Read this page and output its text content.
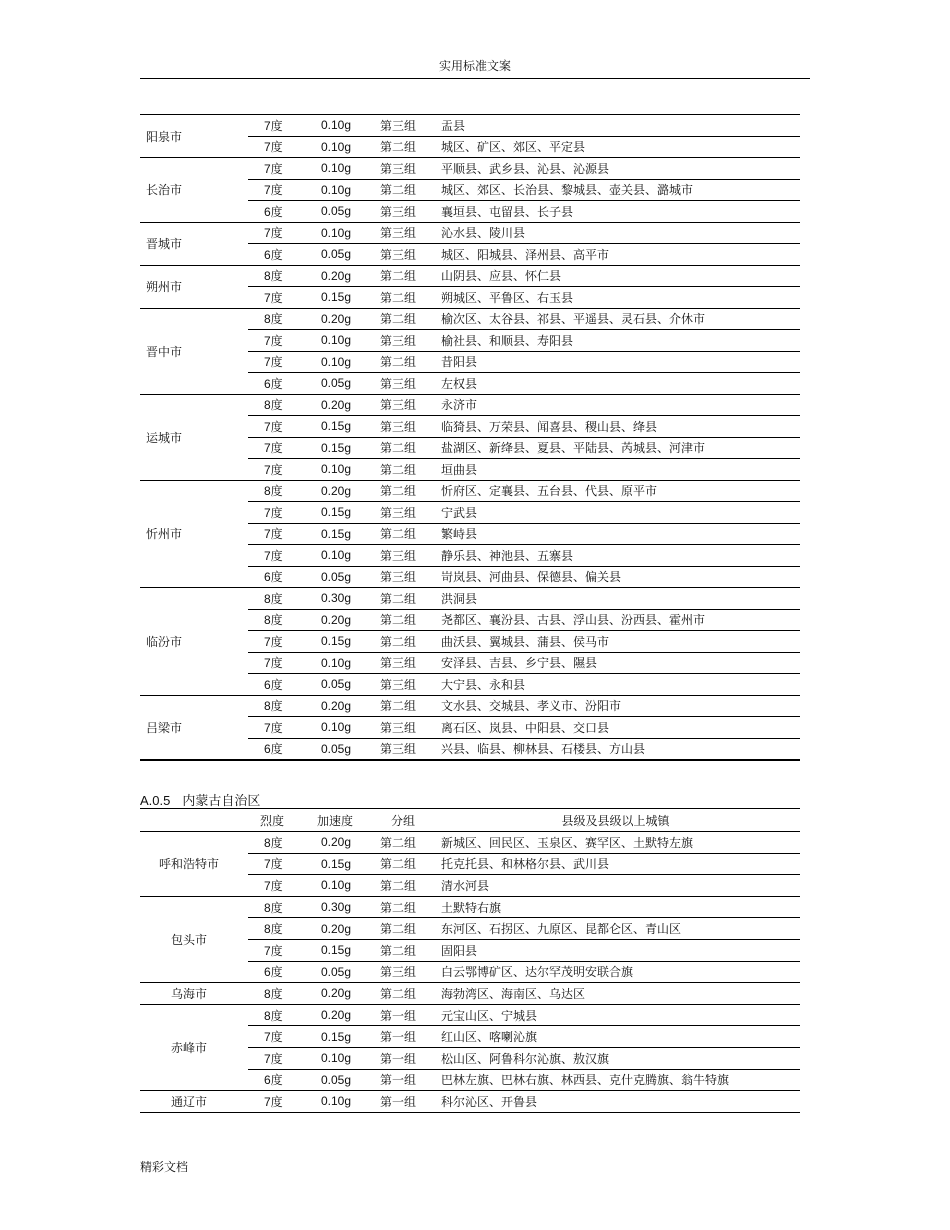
实用标准文案
阳泉市	7度	0.10g	第三组	盂县
	7度	0.10g	第二组	城区、矿区、郊区、平定县
长治市	7度	0.10g	第三组	平顺县、武乡县、沁县、沁源县
	7度	0.10g	第二组	城区、郊区、长治县、黎城县、壶关县、潞城市
	6度	0.05g	第三组	襄垣县、屯留县、长子县
晋城市	7度	0.10g	第三组	沁水县、陵川县
	6度	0.05g	第三组	城区、阳城县、泽州县、高平市
朔州市	8度	0.20g	第二组	山阴县、应县、怀仁县
	7度	0.15g	第二组	朔城区、平鲁区、右玉县
晋中市	8度	0.20g	第二组	榆次区、太谷县、祁县、平遥县、灵石县、介休市
	7度	0.10g	第三组	榆社县、和顺县、寿阳县
	7度	0.10g	第二组	昔阳县
	6度	0.05g	第三组	左权县
运城市	8度	0.20g	第三组	永济市
	7度	0.15g	第三组	临猗县、万荣县、闻喜县、稷山县、绛县
	7度	0.15g	第二组	盐湖区、新绛县、夏县、平陆县、芮城县、河津市
	7度	0.10g	第二组	垣曲县
忻州市	8度	0.20g	第二组	忻府区、定襄县、五台县、代县、原平市
	7度	0.15g	第三组	宁武县
	7度	0.15g	第二组	繁峙县
	7度	0.10g	第三组	静乐县、神池县、五寨县
	6度	0.05g	第三组	岢岚县、河曲县、保德县、偏关县
临汾市	8度	0.30g	第二组	洪洞县
	8度	0.20g	第二组	尧都区、襄汾县、古县、浮山县、汾西县、霍州市
	7度	0.15g	第二组	曲沃县、翼城县、蒲县、侯马市
	7度	0.10g	第三组	安泽县、吉县、乡宁县、隰县
	6度	0.05g	第三组	大宁县、永和县
吕梁市	8度	0.20g	第二组	文水县、交城县、孝义市、汾阳市
	7度	0.10g	第三组	离石区、岚县、中阳县、交口县
	6度	0.05g	第三组	兴县、临县、柳林县、石楼县、方山县
A.0.5 内蒙古自治区
	烈度	加速度	分组	县级及县级以上城镇
呼和浩特市	8度	0.20g	第二组	新城区、回民区、玉泉区、赛罕区、土默特左旗
	7度	0.15g	第二组	托克托县、和林格尔县、武川县
	7度	0.10g	第二组	清水河县
包头市	8度	0.30g	第二组	土默特右旗
	8度	0.20g	第二组	东河区、石拐区、九原区、昆都仑区、青山区
	7度	0.15g	第二组	固阳县
	6度	0.05g	第三组	白云鄂博矿区、达尔罕茂明安联合旗
乌海市	8度	0.20g	第二组	海勃湾区、海南区、乌达区
赤峰市	8度	0.20g	第一组	元宝山区、宁城县
	7度	0.15g	第一组	红山区、喀喇沁旗
	7度	0.10g	第一组	松山区、阿鲁科尔沁旗、敖汉旗
	6度	0.05g	第一组	巴林左旗、巴林右旗、林西县、克什克腾旗、翁牛特旗
通辽市	7度	0.10g	第一组	科尔沁区、开鲁县
精彩文档
